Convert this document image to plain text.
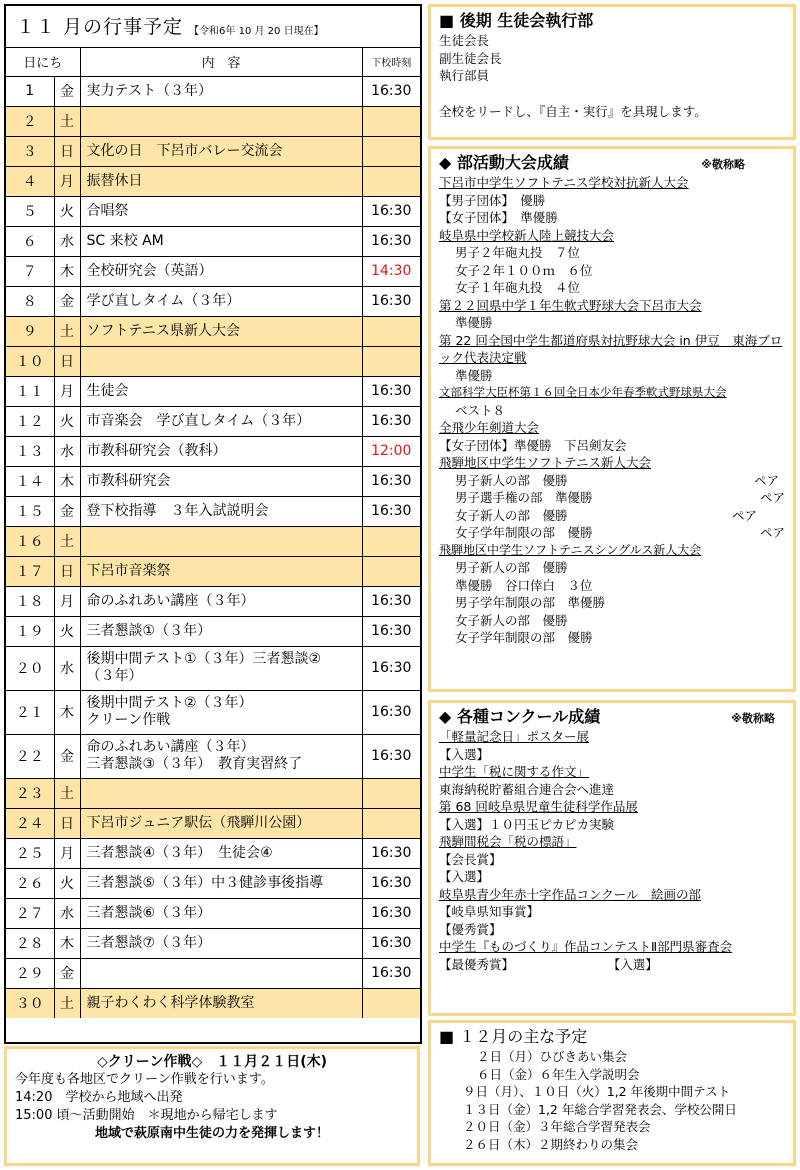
１１ 月の行事予定 【令和6年 10 月 20 日現在】
日にち		内　容	下校時刻
1	金	実力テスト（３年）	16:30
２	土		
３	日	文化の日　下呂市バレー交流会	
４	月	振替休日	
５	火	合唱祭	16:30
６	水	SC 来校 AM	16:30
７	木	全校研究会（英語）	14:30
８	金	学び直しタイム（３年）	16:30
９	土	ソフトテニス県新人大会	
１０	日		
１１	月	生徒会	16:30
１２	火	市音楽会　学び直しタイム（３年）	16:30
１３	水	市教科研究会（教科）	12:00
１４	木	市教科研究会	16:30
１５	金	登下校指導　３年入試説明会	16:30
１６	土		
１７	日	下呂市音楽祭	
１８	月	命のふれあい講座（３年）	16:30
１９	火	三者懇談①（３年）	16:30
２０	水	後期中間テスト①（３年）三者懇談②
（３年）	16:30
２１	木	後期中間テスト②（３年）
クリーン作戦	16:30
２２	金	命のふれあい講座（３年）
三者懇談③（３年）　教育実習終了	16:30
２３	土		
２４	日	下呂市ジュニア駅伝（飛騨川公園）	
２５	月	三者懇談④（３年）　生徒会④	16:30
２６	火	三者懇談⑤（３年）中３健診事後指導	16:30
２７	水	三者懇談⑥（３年）	16:30
２８	木	三者懇談⑦（３年）	16:30
２９	金		16:30
３０	土	親子わくわく科学体験教室	
◇クリーン作戦◇　１１月２１日(木)
今年度も各地区でクリーン作戦を行います。
14:20　学校から地域へ出発
15:00 頃～活動開始　＊現地から帰宅します
地域で萩原南中生徒の力を発揮します！
■ 後期 生徒会執行部
生徒会長
副生徒会長
執行部員
全校をリードし、『自主・実行』を具現します。
◆ 部活動大会成績	※敬称略
下呂市中学生ソフトテニス学校対抗新人大会
【男子団体】　優勝
【女子団体】　準優勝
岐阜県中学校新人陸上競技大会
男子２年砲丸投　７位
女子２年１００ｍ　６位
女子１年砲丸投　４位
第２２回県中学１年生軟式野球大会下呂市大会
準優勝
第 22 回全国中学生都道府県対抗野球大会 in 伊豆　東海ブロック代表決定戦
準優勝
文部科学大臣杯第１６回全日本少年春季軟式野球県大会
ベスト８
全飛少年剣道大会
【女子団体】準優勝　下呂剣友会
飛騨地区中学生ソフトテニス新人大会
男子新人の部　優勝	ペア
男子選手権の部　準優勝	ペア
女子新人の部　優勝	ペア
女子学年制限の部　優勝	ペア
飛騨地区中学生ソフトテニスシングルス新人大会
男子新人の部　優勝
準優勝　谷口倖白　３位
男子学年制限の部　準優勝
女子新人の部　優勝
女子学年制限の部　優勝
◆ 各種コンクール成績	※敬称略
「軽量記念日」ポスター展
【入選】
中学生「税に関する作文」
東海納税貯蓄組合連合会へ進達
第 68 回岐阜県児童生徒科学作品展
【入選】１０円玉ピカピカ実験
飛騨間税会「税の標語」
【会長賞】
【入選】
岐阜県青少年赤十字作品コンクール　絵画の部
【岐阜県知事賞】
【優秀賞】
中学生『ものづくり』作品コンテストⅡ部門県審査会
【最優秀賞】	【入選】
■ １２月の主な予定
２日（月）ひびきあい集会
６日（金）６年生入学説明会
９日（月）、１０日（火）1,2 年後期中間テスト
１３日（金）1,2 年総合学習発表会、学校公開日
２０日（金）３年総合学習発表会
２６日（木）２期終わりの集会
